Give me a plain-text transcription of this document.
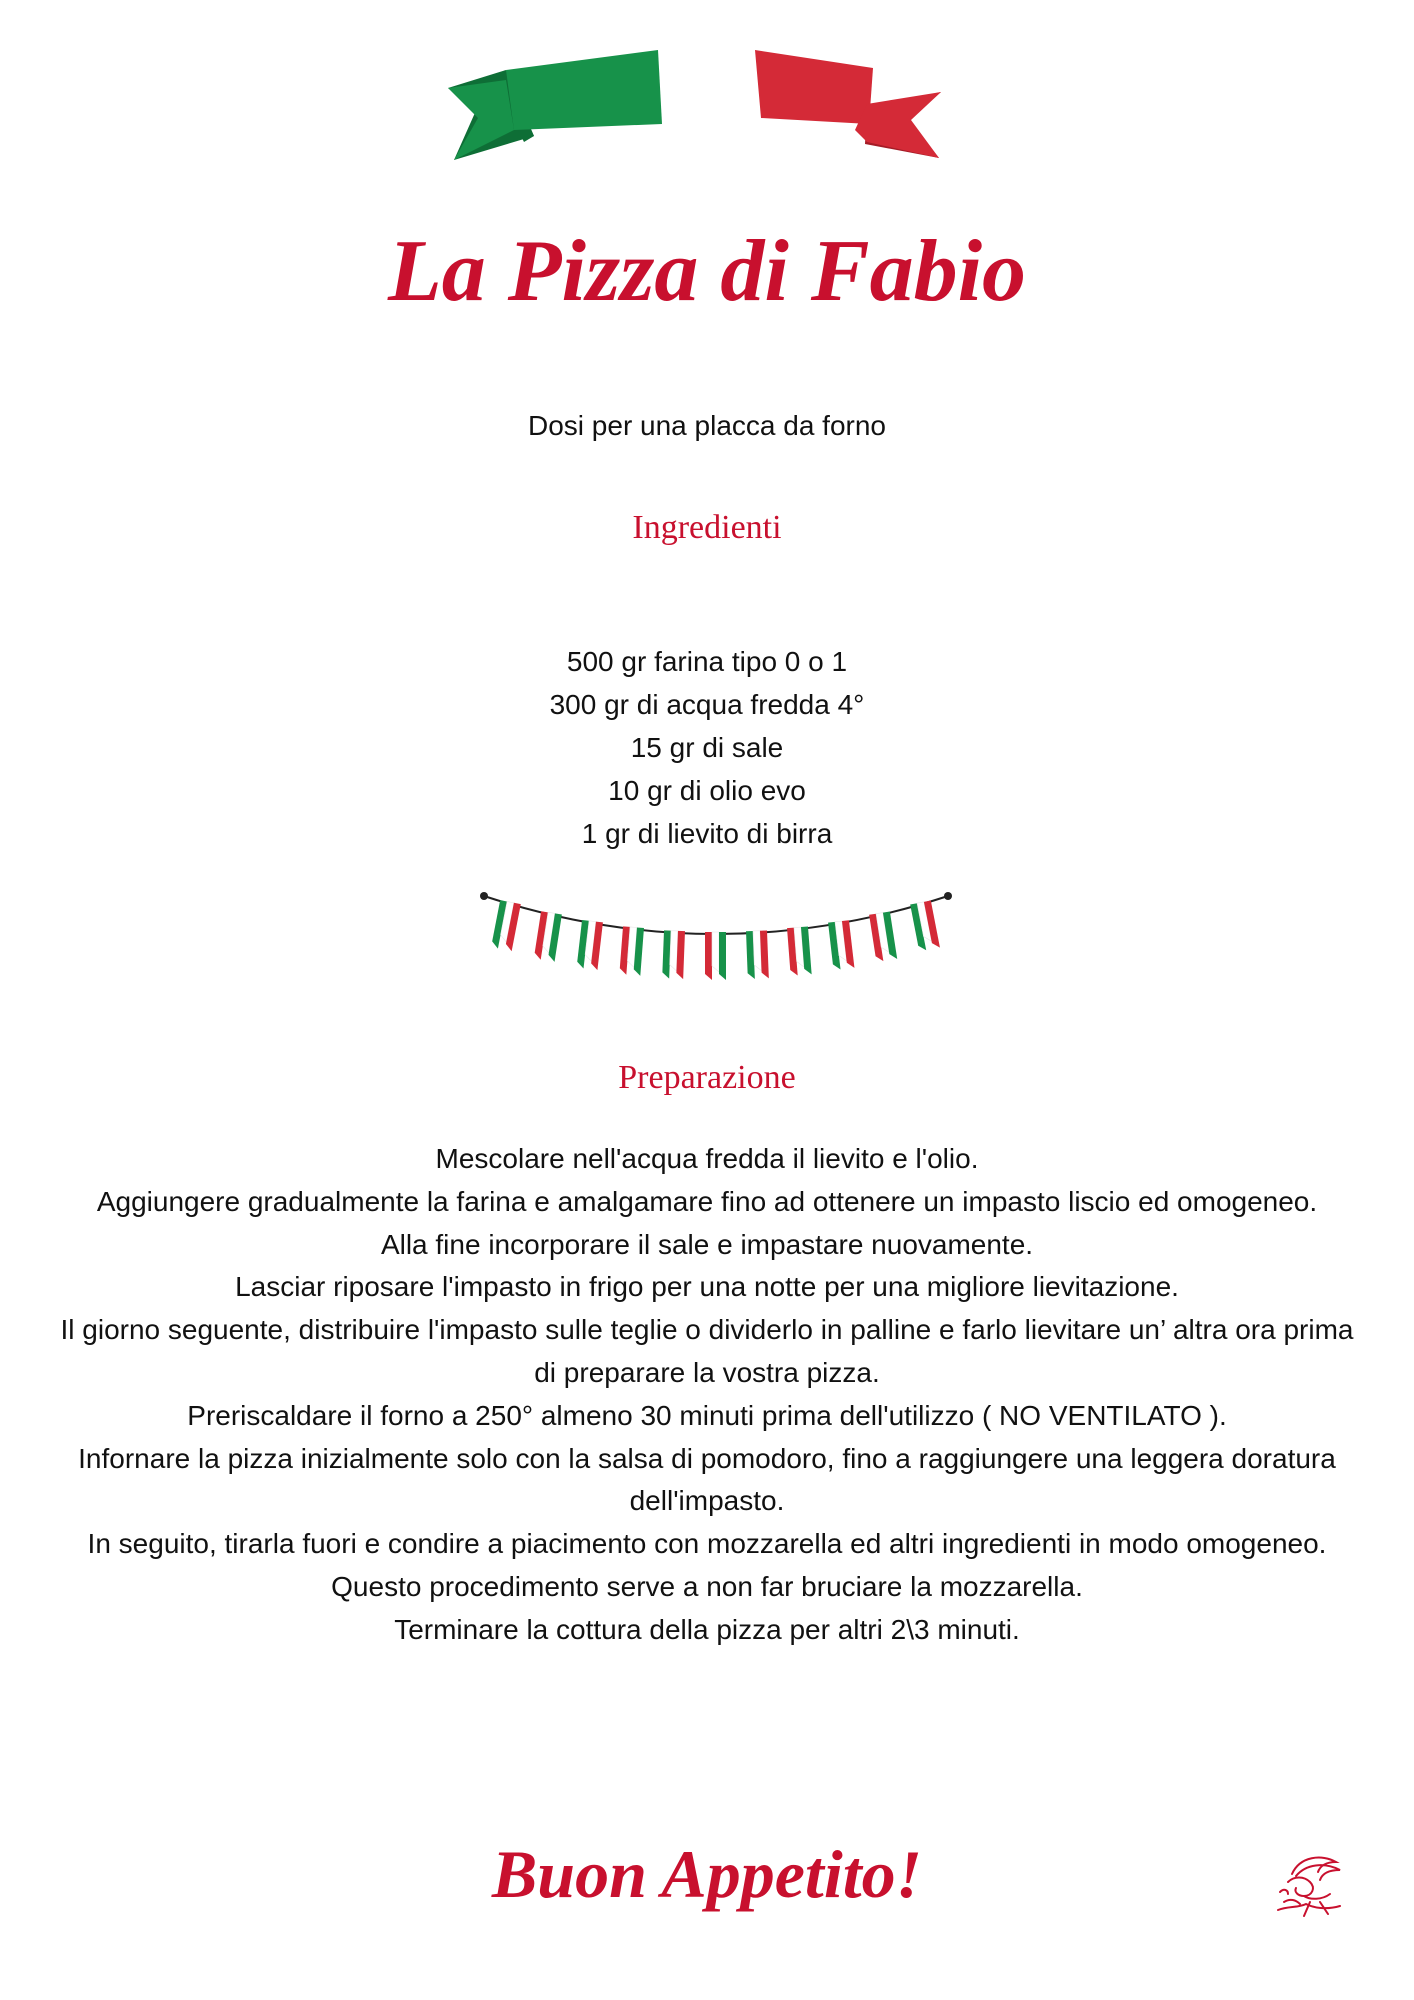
La Pizza di Fabio
Dosi per una placca da forno
Ingredienti
500 gr farina tipo 0 o 1
300 gr di acqua fredda 4°
15 gr di sale
10 gr di olio evo
1 gr di lievito di birra
Preparazione

Mescolare nell'acqua fredda il lievito e l'olio.

Aggiungere gradualmente la farina e amalgamare fino ad ottenere un impasto liscio ed omogeneo.

Alla fine incorporare il sale e impastare nuovamente.

Lasciar riposare l'impasto in frigo per una notte per una migliore lievitazione.

Il giorno seguente, distribuire l'impasto sulle teglie o dividerlo in palline e farlo lievitare un’ altra ora prima di preparare la vostra pizza.

Preriscaldare il forno a 250° almeno 30 minuti prima dell'utilizzo ( NO VENTILATO ).

Infornare la pizza inizialmente solo con la salsa di pomodoro, fino a raggiungere una leggera doratura dell'impasto.

In seguito, tirarla fuori e condire a piacimento con mozzarella ed altri ingredienti in modo omogeneo.

Questo procedimento serve a non far bruciare la mozzarella.

Terminare la cottura della pizza per altri 2\3 minuti.

Buon Appetito!
